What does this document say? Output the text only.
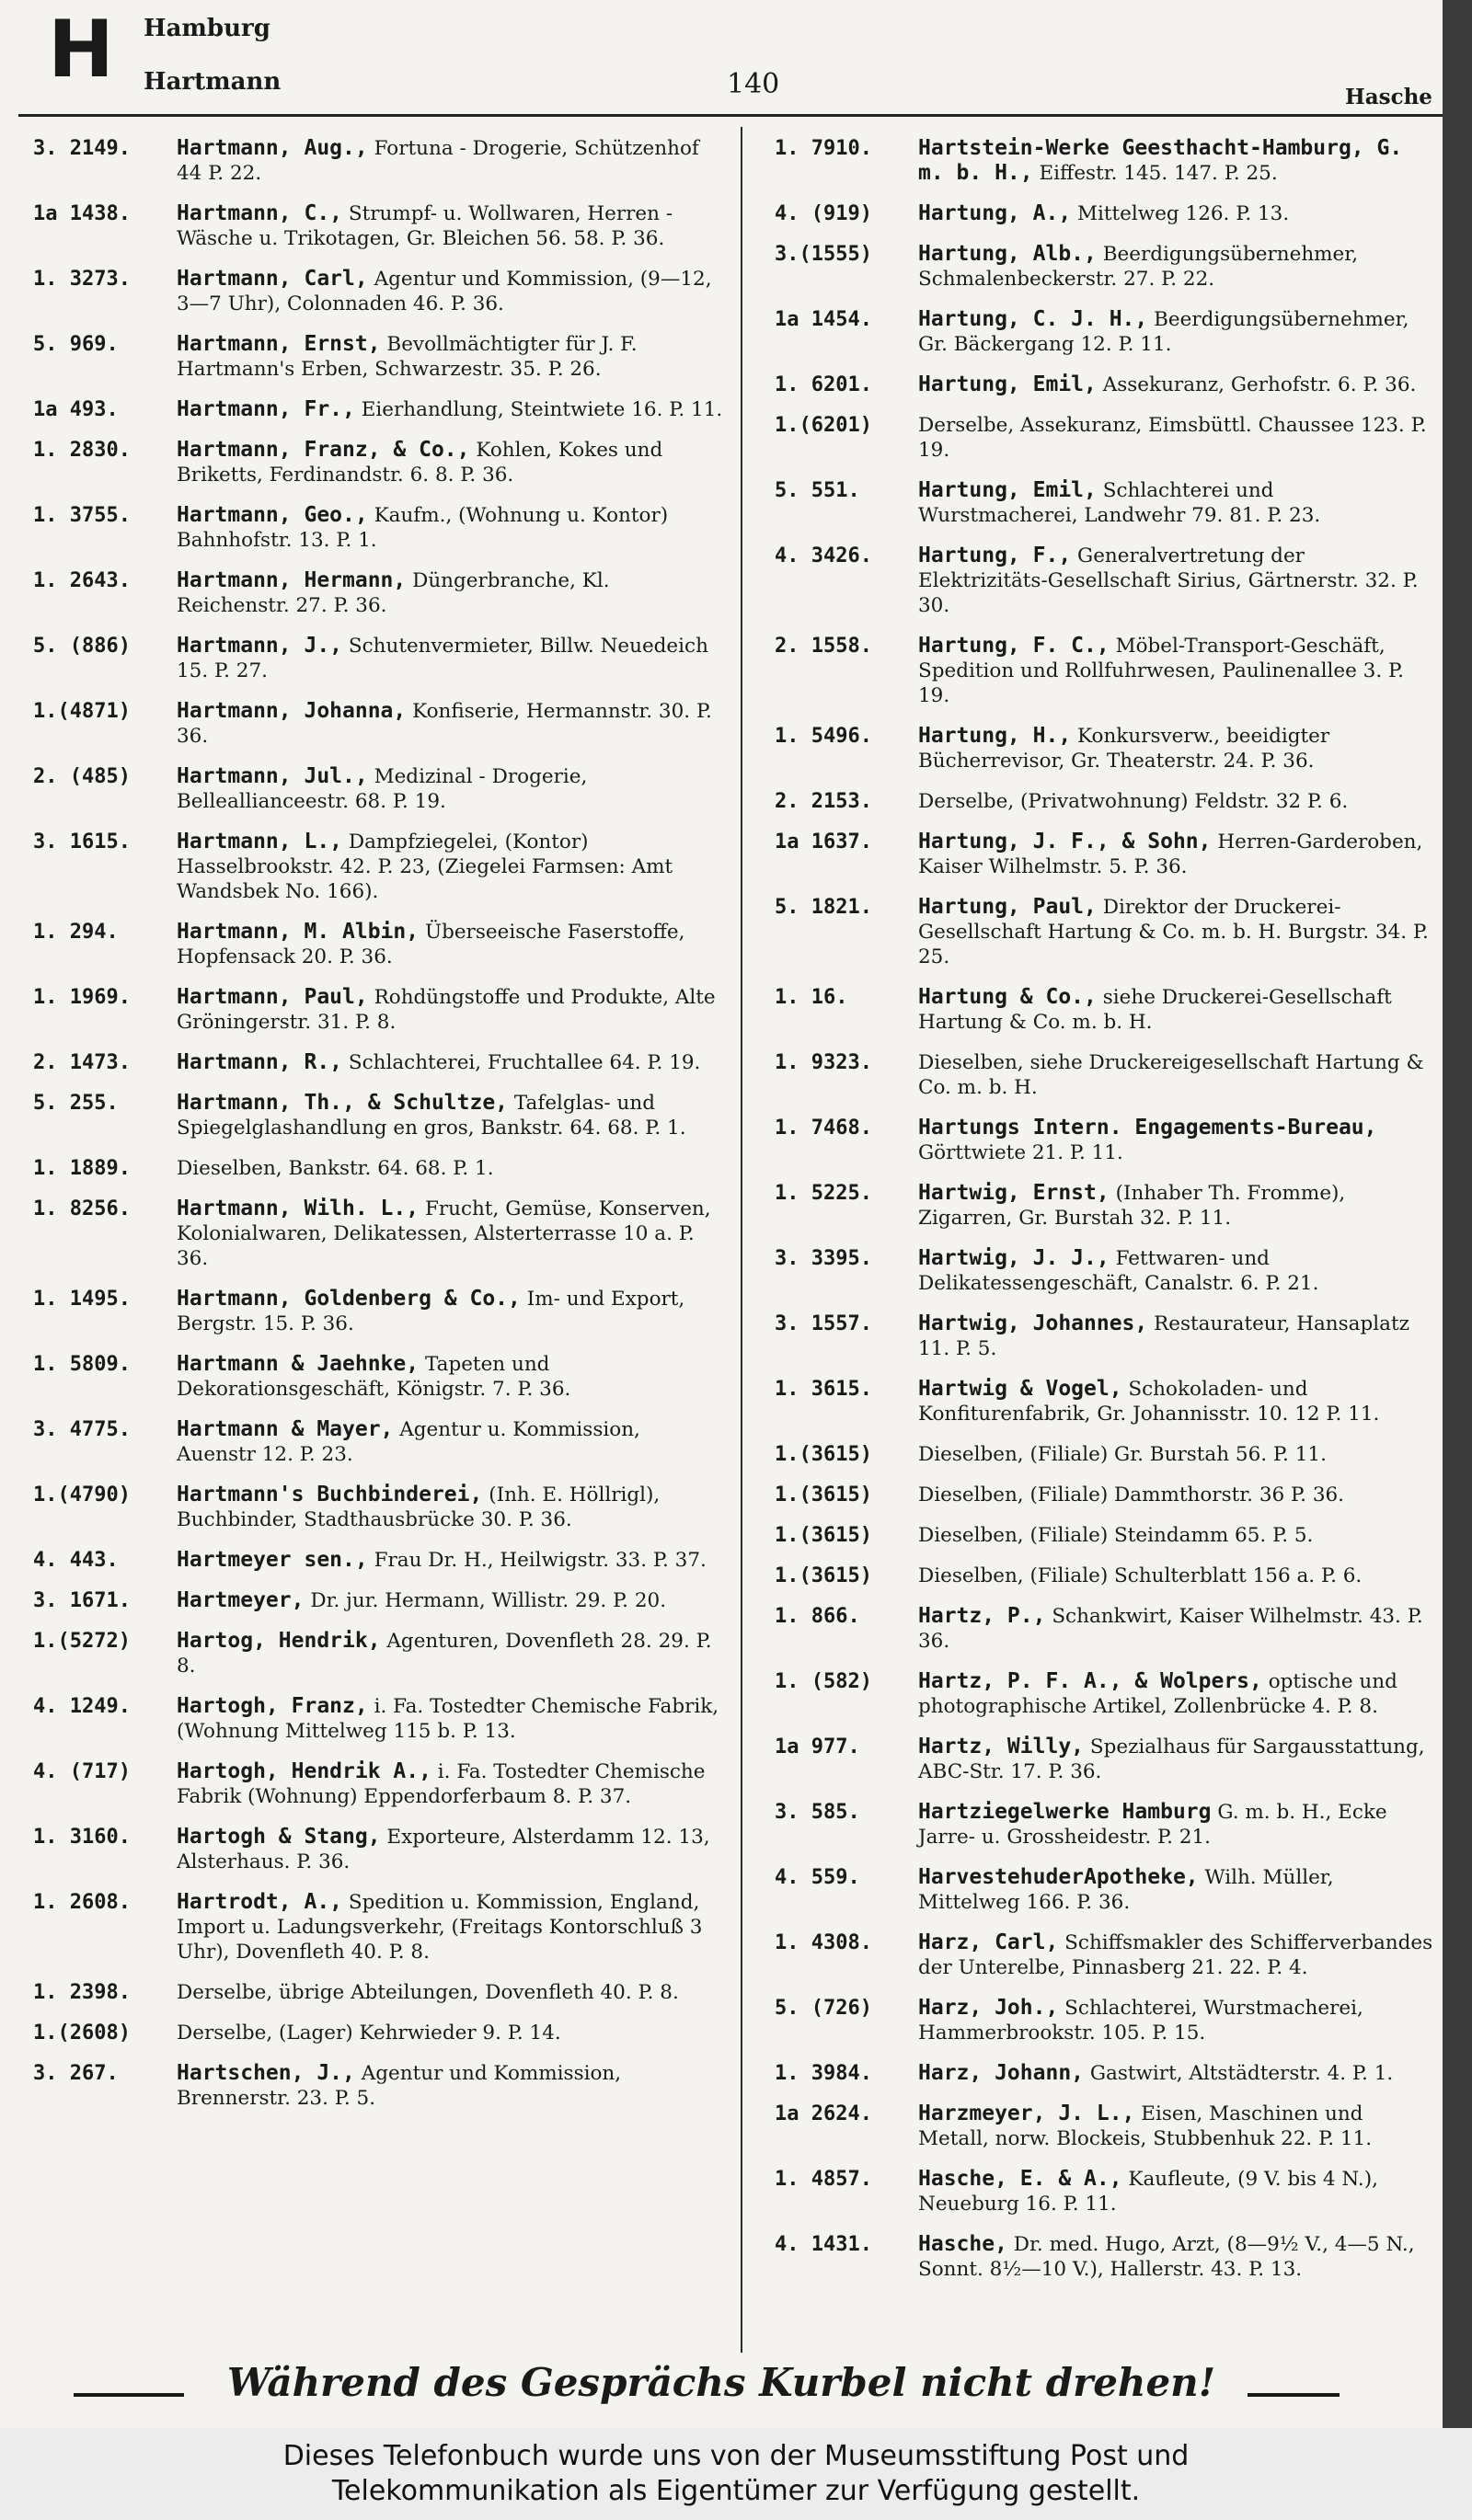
H Hamburg
Hartmann	140	Hasche
3. 2149.	Hartmann, Aug., Fortuna - Drogerie, Schützenhof 44 P. 22.
1a 1438.	Hartmann, C., Strumpf- u. Wollwaren, Herren - Wäsche u. Trikotagen, Gr. Bleichen 56. 58. P. 36.
1. 3273.	Hartmann, Carl, Agentur und Kommission, (9—12, 3—7 Uhr), Colonnaden 46. P. 36.
5. 969.	Hartmann, Ernst, Bevollmächtigter für J. F. Hartmann's Erben, Schwarzestr. 35. P. 26.
1a 493.	Hartmann, Fr., Eierhandlung, Steintwiete 16. P. 11.
1. 2830.	Hartmann, Franz, & Co., Kohlen, Kokes und Briketts, Ferdinandstr. 6. 8. P. 36.
1. 3755.	Hartmann, Geo., Kaufm., (Wohnung u. Kontor) Bahnhofstr. 13. P. 1.
1. 2643.	Hartmann, Hermann, Düngerbranche, Kl. Reichenstr. 27. P. 36.
5. (886)	Hartmann, J., Schutenvermieter, Billw. Neuedeich 15. P. 27.
1.(4871)	Hartmann, Johanna, Konfiserie, Hermannstr. 30. P. 36.
2. (485)	Hartmann, Jul., Medizinal - Drogerie, Belleallianceestr. 68. P. 19.
3. 1615.	Hartmann, L., Dampfziegelei, (Kontor) Hasselbrookstr. 42. P. 23, (Ziegelei Farmsen: Amt Wandsbek No. 166).
1. 294.	Hartmann, M. Albin, Überseeische Faserstoffe, Hopfensack 20. P. 36.
1. 1969.	Hartmann, Paul, Rohdüngstoffe und Produkte, Alte Gröningerstr. 31. P. 8.
2. 1473.	Hartmann, R., Schlachterei, Fruchtallee 64. P. 19.
5. 255.	Hartmann, Th., & Schultze, Tafelglas- und Spiegelglashandlung en gros, Bankstr. 64. 68. P. 1.
1. 1889.	Dieselben, Bankstr. 64. 68. P. 1.
1. 8256.	Hartmann, Wilh. L., Frucht, Gemüse, Konserven, Kolonialwaren, Delikatessen, Alsterterrasse 10 a. P. 36.
1. 1495.	Hartmann, Goldenberg & Co., Im- und Export, Bergstr. 15. P. 36.
1. 5809.	Hartmann & Jaehnke, Tapeten und Dekorationsgeschäft, Königstr. 7. P. 36.
3. 4775.	Hartmann & Mayer, Agentur u. Kommission, Auenstr 12. P. 23.
1.(4790)	Hartmann's Buchbinderei, (Inh. E. Höllrigl), Buchbinder, Stadthausbrücke 30. P. 36.
4. 443.	Hartmeyer sen., Frau Dr. H., Heilwigstr. 33. P. 37.
3. 1671.	Hartmeyer, Dr. jur. Hermann, Willistr. 29. P. 20.
1.(5272)	Hartog, Hendrik, Agenturen, Dovenfleth 28. 29. P. 8.
4. 1249.	Hartogh, Franz, i. Fa. Tostedter Chemische Fabrik, (Wohnung Mittelweg 115 b. P. 13.
4. (717)	Hartogh, Hendrik A., i. Fa. Tostedter Chemische Fabrik (Wohnung) Eppendorferbaum 8. P. 37.
1. 3160.	Hartogh & Stang, Exporteure, Alsterdamm 12. 13, Alsterhaus. P. 36.
1. 2608.	Hartrodt, A., Spedition u. Kommission, England, Import u. Ladungsverkehr, (Freitags Kontorschluß 3 Uhr), Dovenfleth 40. P. 8.
1. 2398.	Derselbe, übrige Abteilungen, Dovenfleth 40. P. 8.
1.(2608)	Derselbe, (Lager) Kehrwieder 9. P. 14.
3. 267.	Hartschen, J., Agentur und Kommission, Brennerstr. 23. P. 5.
1. 7910.	Hartstein-Werke Geesthacht-Hamburg, G. m. b. H., Eiffestr. 145. 147. P. 25.
4. (919)	Hartung, A., Mittelweg 126. P. 13.
3.(1555)	Hartung, Alb., Beerdigungsübernehmer, Schmalenbeckerstr. 27. P. 22.
1a 1454.	Hartung, C. J. H., Beerdigungsübernehmer, Gr. Bäckergang 12. P. 11.
1. 6201.	Hartung, Emil, Assekuranz, Gerhofstr. 6. P. 36.
1.(6201)	Derselbe, Assekuranz, Eimsbüttl. Chaussee 123. P. 19.
5. 551.	Hartung, Emil, Schlachterei und Wurstmacherei, Landwehr 79. 81. P. 23.
4. 3426.	Hartung, F., Generalvertretung der Elektrizitäts-Gesellschaft Sirius, Gärtnerstr. 32. P. 30.
2. 1558.	Hartung, F. C., Möbel-Transport-Geschäft, Spedition und Rollfuhrwesen, Paulinenallee 3. P. 19.
1. 5496.	Hartung, H., Konkursverw., beeidigter Bücherrevisor, Gr. Theaterstr. 24. P. 36.
2. 2153.	Derselbe, (Privatwohnung) Feldstr. 32 P. 6.
1a 1637.	Hartung, J. F., & Sohn, Herren-Garderoben, Kaiser Wilhelmstr. 5. P. 36.
5. 1821.	Hartung, Paul, Direktor der Druckerei-Gesellschaft Hartung & Co. m. b. H. Burgstr. 34. P. 25.
1. 16.	Hartung & Co., siehe Druckerei-Gesellschaft Hartung & Co. m. b. H.
1. 9323.	Dieselben, siehe Druckereigesellschaft Hartung & Co. m. b. H.
1. 7468.	Hartungs Intern. Engagements-Bureau, Görttwiete 21. P. 11.
1. 5225.	Hartwig, Ernst, (Inhaber Th. Fromme), Zigarren, Gr. Burstah 32. P. 11.
3. 3395.	Hartwig, J. J., Fettwaren- und Delikatessengeschäft, Canalstr. 6. P. 21.
3. 1557.	Hartwig, Johannes, Restaurateur, Hansaplatz 11. P. 5.
1. 3615.	Hartwig & Vogel, Schokoladen- und Konfiturenfabrik, Gr. Johannisstr. 10. 12 P. 11.
1.(3615)	Dieselben, (Filiale) Gr. Burstah 56. P. 11.
1.(3615)	Dieselben, (Filiale) Dammthorstr. 36 P. 36.
1.(3615)	Dieselben, (Filiale) Steindamm 65. P. 5.
1.(3615)	Dieselben, (Filiale) Schulterblatt 156 a. P. 6.
1. 866.	Hartz, P., Schankwirt, Kaiser Wilhelmstr. 43. P. 36.
1. (582)	Hartz, P. F. A., & Wolpers, optische und photographische Artikel, Zollenbrücke 4. P. 8.
1a 977.	Hartz, Willy, Spezialhaus für Sargausstattung, ABC-Str. 17. P. 36.
3. 585.	Hartziegelwerke Hamburg G. m. b. H., Ecke Jarre- u. Grossheidestr. P. 21.
4. 559.	HarvestehuderApotheke, Wilh. Müller, Mittelweg 166. P. 36.
1. 4308.	Harz, Carl, Schiffsmakler des Schifferverbandes der Unterelbe, Pinnasberg 21. 22. P. 4.
5. (726)	Harz, Joh., Schlachterei, Wurstmacherei, Hammerbrookstr. 105. P. 15.
1. 3984.	Harz, Johann, Gastwirt, Altstädterstr. 4. P. 1.
1a 2624.	Harzmeyer, J. L., Eisen, Maschinen und Metall, norw. Blockeis, Stubbenhuk 22. P. 11.
1. 4857.	Hasche, E. & A., Kaufleute, (9 V. bis 4 N.), Neueburg 16. P. 11.
4. 1431.	Hasche, Dr. med. Hugo, Arzt, (8—9½ V., 4—5 N., Sonnt. 8½—10 V.), Hallerstr. 43. P. 13.
Während des Gesprächs Kurbel nicht drehen!
Dieses Telefonbuch wurde uns von der Museumsstiftung Post und
Telekommunikation als Eigentümer zur Verfügung gestellt.
